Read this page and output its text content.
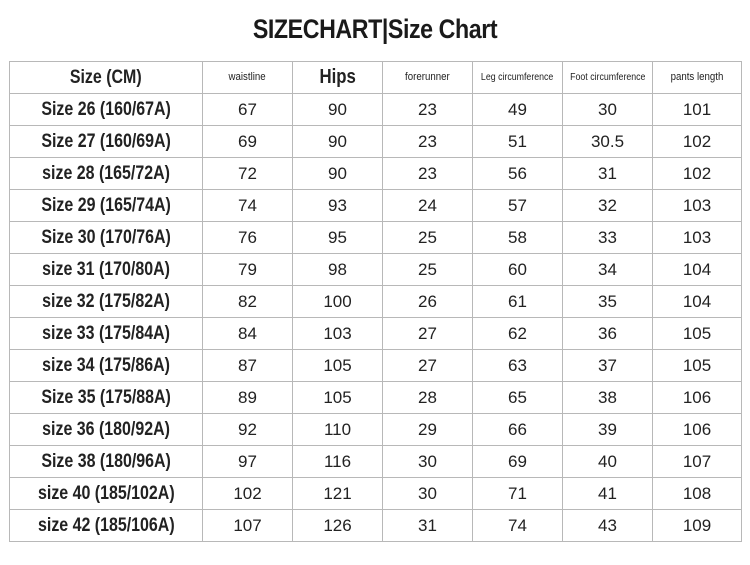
SIZECHART|Size Chart
Size (CM)	waistline	Hips	forerunner	Leg circumference	Foot circumference	pants length
Size 26 (160/67A)	67	90	23	49	30	101
Size 27 (160/69A)	69	90	23	51	30.5	102
size 28 (165/72A)	72	90	23	56	31	102
Size 29 (165/74A)	74	93	24	57	32	103
Size 30 (170/76A)	76	95	25	58	33	103
size 31 (170/80A)	79	98	25	60	34	104
size 32 (175/82A)	82	100	26	61	35	104
size 33 (175/84A)	84	103	27	62	36	105
size 34 (175/86A)	87	105	27	63	37	105
Size 35 (175/88A)	89	105	28	65	38	106
size 36 (180/92A)	92	110	29	66	39	106
Size 38 (180/96A)	97	116	30	69	40	107
size 40 (185/102A)	102	121	30	71	41	108
size 42 (185/106A)	107	126	31	74	43	109
